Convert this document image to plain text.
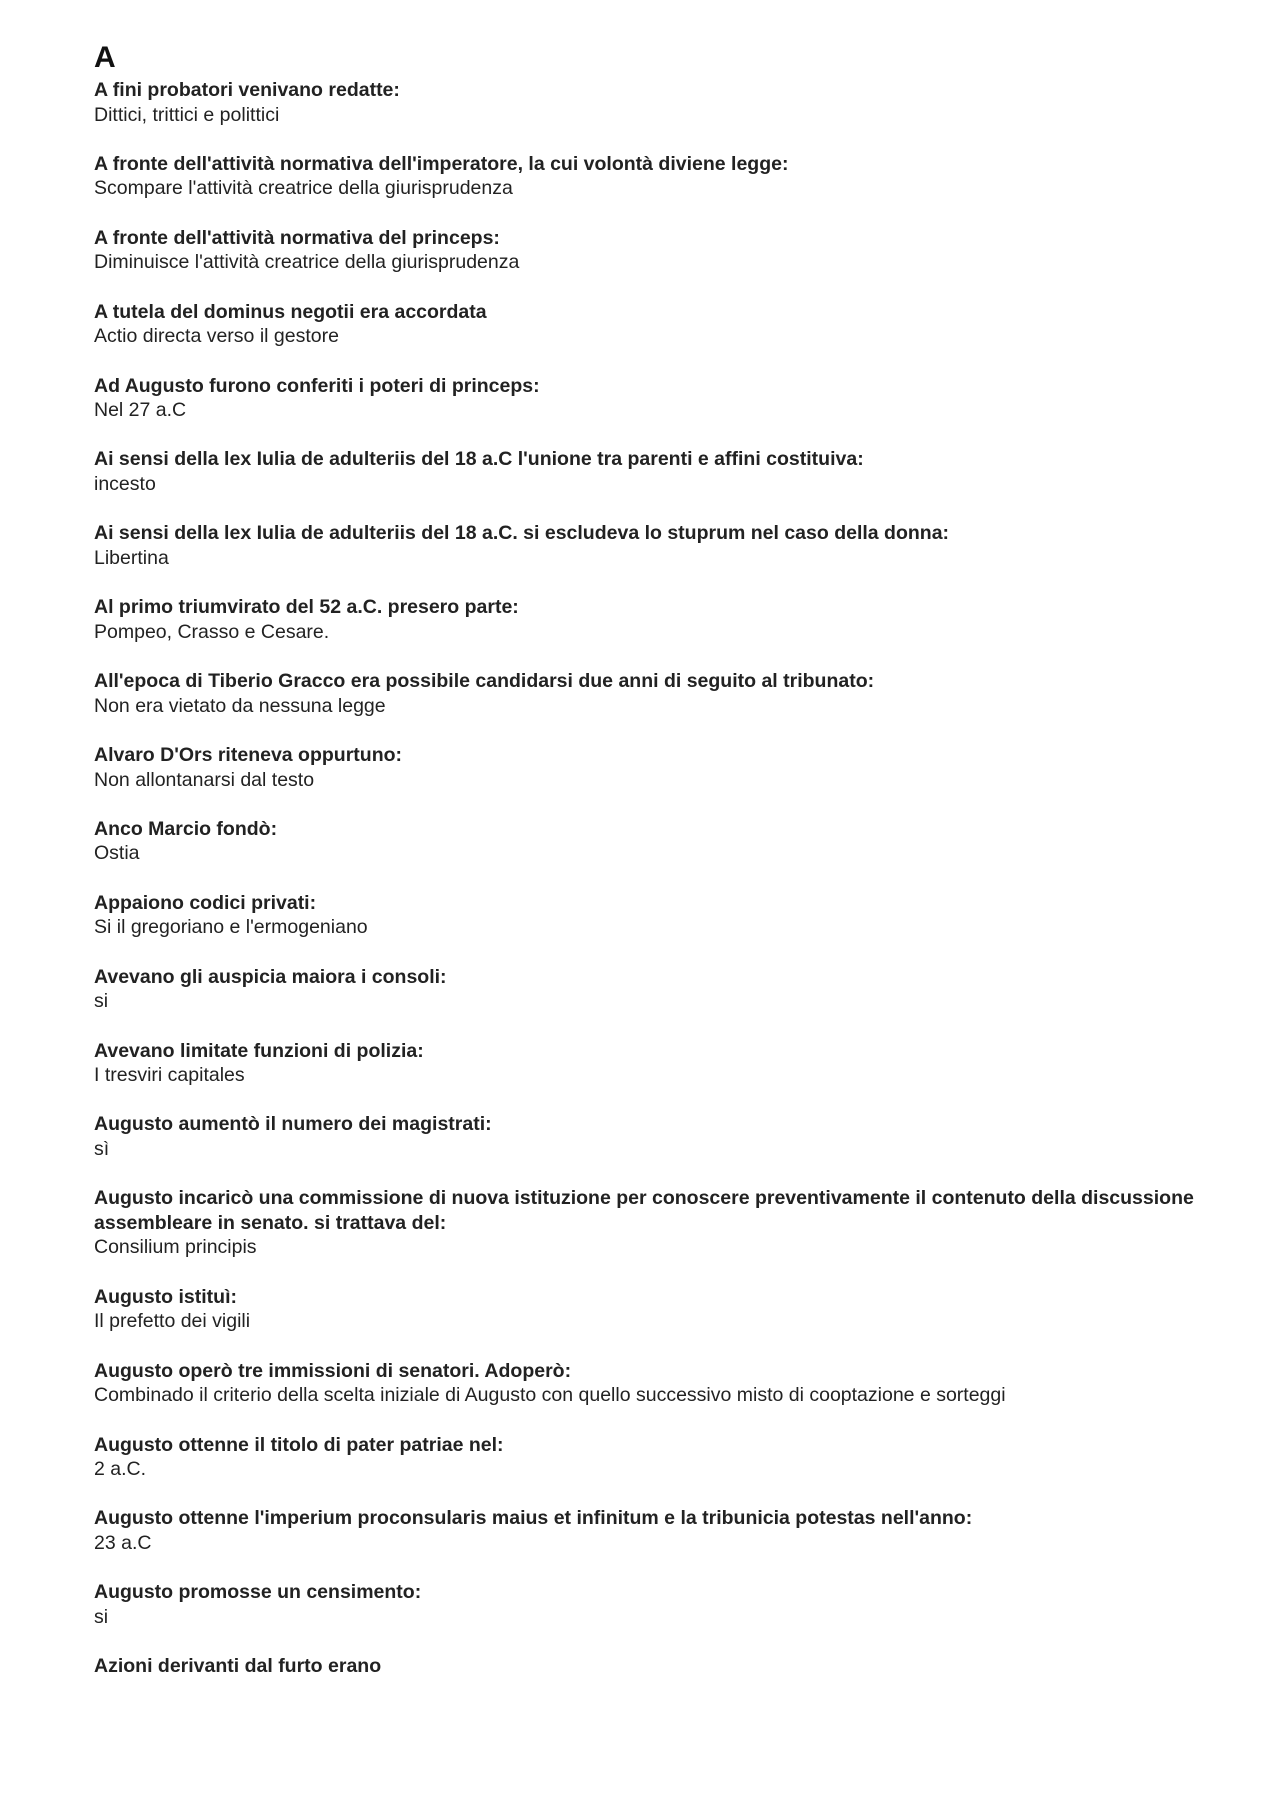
A
A fini probatori venivano redatte:
Dittici, trittici e polittici
A fronte dell'attività normativa dell'imperatore, la cui volontà diviene legge:
Scompare l'attività creatrice della giurisprudenza
A fronte dell'attività normativa del princeps:
Diminuisce l'attività creatrice della giurisprudenza
A tutela del dominus negotii era accordata
Actio directa verso il gestore
Ad Augusto furono conferiti i poteri di princeps:
Nel 27 a.C
Ai sensi della lex Iulia de adulteriis del 18 a.C l'unione tra parenti e affini costituiva:
incesto
Ai sensi della lex Iulia de adulteriis del 18 a.C. si escludeva lo stuprum nel caso della donna:
Libertina
Al primo triumvirato del 52 a.C. presero parte:
Pompeo, Crasso e Cesare.
All'epoca di Tiberio Gracco era possibile candidarsi due anni di seguito al tribunato:
Non era vietato da nessuna legge
Alvaro D'Ors riteneva oppurtuno:
Non allontanarsi dal testo
Anco Marcio fondò:
Ostia
Appaiono codici privati:
Si il gregoriano e l'ermogeniano
Avevano gli auspicia maiora i consoli:
si
Avevano limitate funzioni di polizia:
I tresviri capitales
Augusto aumentò il numero dei magistrati:
sì
Augusto incaricò una commissione di nuova istituzione per conoscere preventivamente il contenuto della discussione assembleare in senato. si trattava del:
Consilium principis
Augusto istituì:
Il prefetto dei vigili
Augusto operò tre immissioni di senatori. Adoperò:
Combinado il criterio della scelta iniziale di Augusto con quello successivo misto di cooptazione e sorteggi
Augusto ottenne il titolo di pater patriae nel:
2 a.C.
Augusto ottenne l'imperium proconsularis maius et infinitum e la tribunicia potestas nell'anno:
23 a.C
Augusto promosse un censimento:
si
Azioni derivanti dal furto erano
